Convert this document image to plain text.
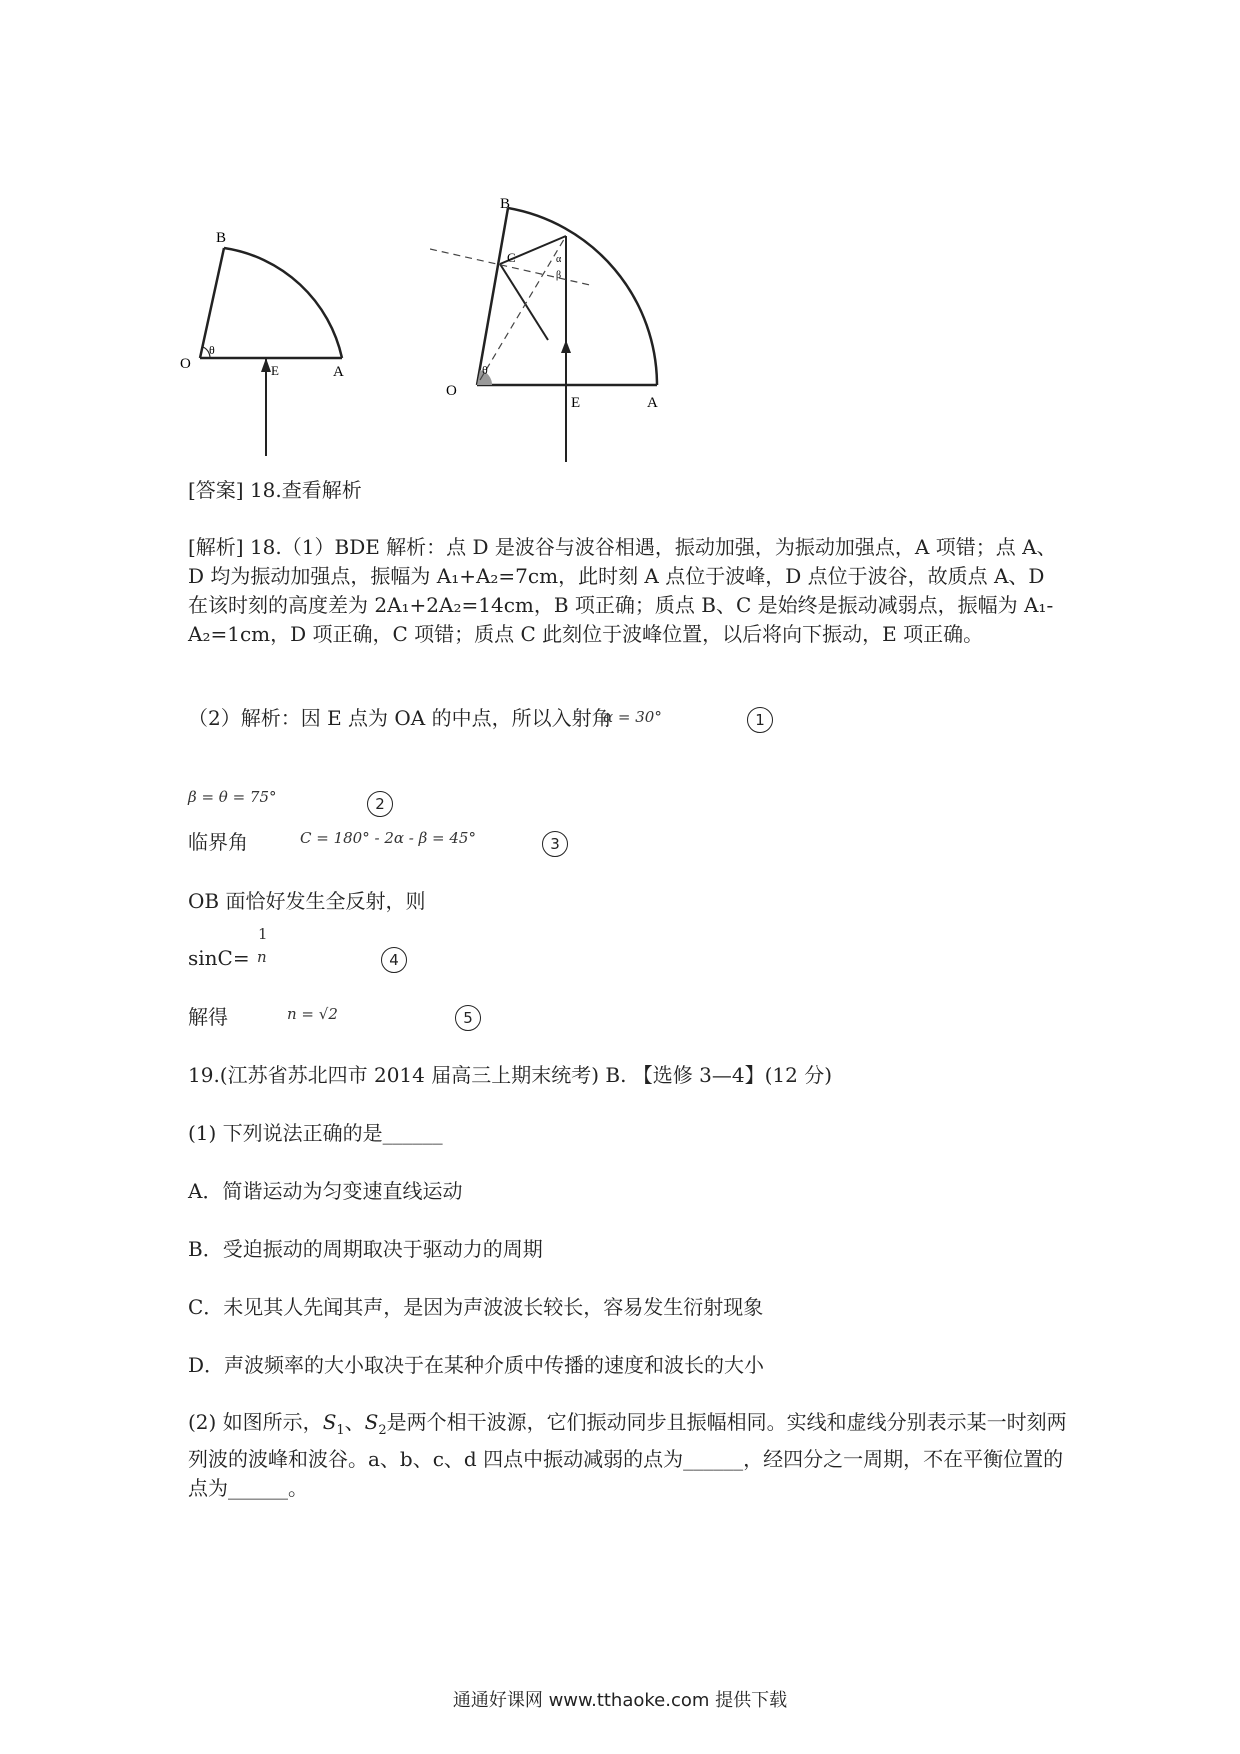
B
O
θ
E	A
B
O
θ
E	A
C	α
β
[答案] 18.查看解析
[解析] 18.（1）BDE 解析：点 D 是波谷与波谷相遇，振动加强，为振动加强点，A 项错；点 A、D 均为振动加强点，振幅为 A₁+A₂=7cm，此时刻 A 点位于波峰，D 点位于波谷，故质点 A、D 在该时刻的高度差为 2A₁+2A₂=14cm，B 项正确；质点 B、C 是始终是振动减弱点，振幅为 A₁-A₂=1cm，D 项正确，C 项错；质点 C 此刻位于波峰位置，以后将向下振动，E 项正确。
（2）解析：因 E 点为 OA 的中点，所以入射角
α = 30°	1
β = θ = 75°	2
临界角	C = 180° - 2α - β = 45°	3
OB 面恰好发生全反射，则
sinC=
1
n	4
解得	n = √2	5
19.(江苏省苏北四市 2014 届高三上期末统考) B. 【选修 3—4】(12 分)
(1) 下列说法正确的是______
A．简谐运动为匀变速直线运动
B．受迫振动的周期取决于驱动力的周期
C．未见其人先闻其声，是因为声波波长较长，容易发生衍射现象
D．声波频率的大小取决于在某种介质中传播的速度和波长的大小
(2) 如图所示，$S_1$、$S_2$是两个相干波源，它们振动同步且振幅相同。实线和虚线分别表示某一时刻两列波的波峰和波谷。a、b、c、d 四点中振动减弱的点为______，经四分之一周期，不在平衡位置的点为______。
通通好课网 www.tthaoke.com 提供下载
